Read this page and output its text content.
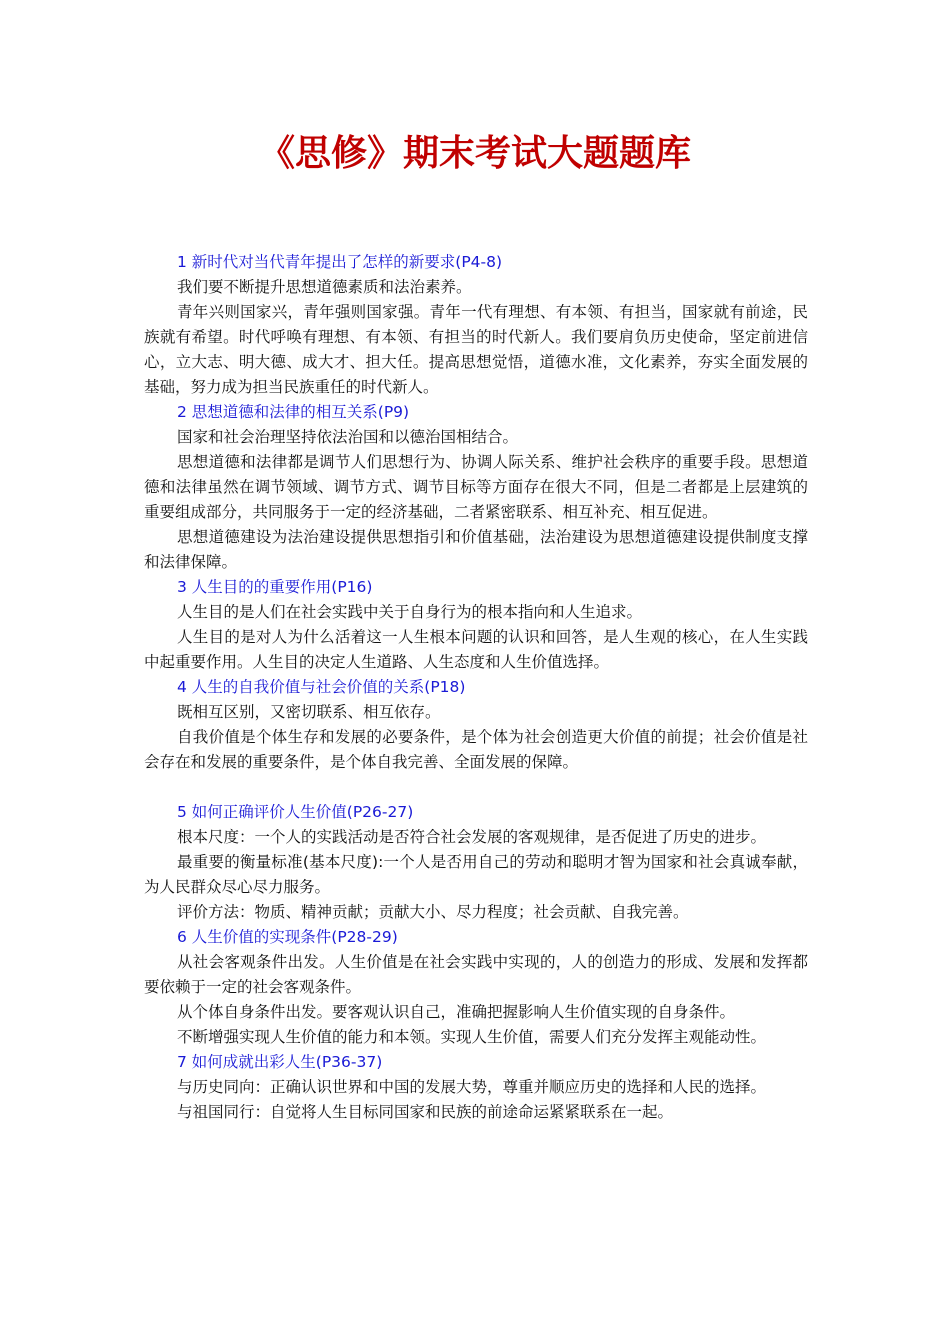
《思修》期末考试大题题库

1 新时代对当代青年提出了怎样的新要求(P4-8)

我们要不断提升思想道德素质和法治素养。

青年兴则国家兴，青年强则国家强。青年一代有理想、有本领、有担当，国家就有前途，民族就有希望。时代呼唤有理想、有本领、有担当的时代新人。我们要肩负历史使命，坚定前进信心，立大志、明大德、成大才、担大任。提高思想觉悟，道德水准，文化素养，夯实全面发展的基础，努力成为担当民族重任的时代新人。

2 思想道德和法律的相互关系(P9)

国家和社会治理坚持依法治国和以德治国相结合。

思想道德和法律都是调节人们思想行为、协调人际关系、维护社会秩序的重要手段。思想道德和法律虽然在调节领域、调节方式、调节目标等方面存在很大不同，但是二者都是上层建筑的重要组成部分，共同服务于一定的经济基础，二者紧密联系、相互补充、相互促进。

思想道德建设为法治建设提供思想指引和价值基础，法治建设为思想道德建设提供制度支撑和法律保障。

3 人生目的的重要作用(P16)

人生目的是人们在社会实践中关于自身行为的根本指向和人生追求。

人生目的是对人为什么活着这一人生根本问题的认识和回答，是人生观的核心，在人生实践中起重要作用。人生目的决定人生道路、人生态度和人生价值选择。

4 人生的自我价值与社会价值的关系(P18)

既相互区别，又密切联系、相互依存。

自我价值是个体生存和发展的必要条件，是个体为社会创造更大价值的前提；社会价值是社会存在和发展的重要条件，是个体自我完善、全面发展的保障。

5 如何正确评价人生价值(P26-27)

根本尺度：一个人的实践活动是否符合社会发展的客观规律，是否促进了历史的进步。

最重要的衡量标准(基本尺度):一个人是否用自己的劳动和聪明才智为国家和社会真诚奉献，为人民群众尽心尽力服务。

评价方法：物质、精神贡献；贡献大小、尽力程度；社会贡献、自我完善。

6 人生价值的实现条件(P28-29)

从社会客观条件出发。人生价值是在社会实践中实现的，人的创造力的形成、发展和发挥都要依赖于一定的社会客观条件。

从个体自身条件出发。要客观认识自己，准确把握影响人生价值实现的自身条件。

不断增强实现人生价值的能力和本领。实现人生价值，需要人们充分发挥主观能动性。

7 如何成就出彩人生(P36-37)

与历史同向：正确认识世界和中国的发展大势，尊重并顺应历史的选择和人民的选择。

与祖国同行：自觉将人生目标同国家和民族的前途命运紧紧联系在一起。
